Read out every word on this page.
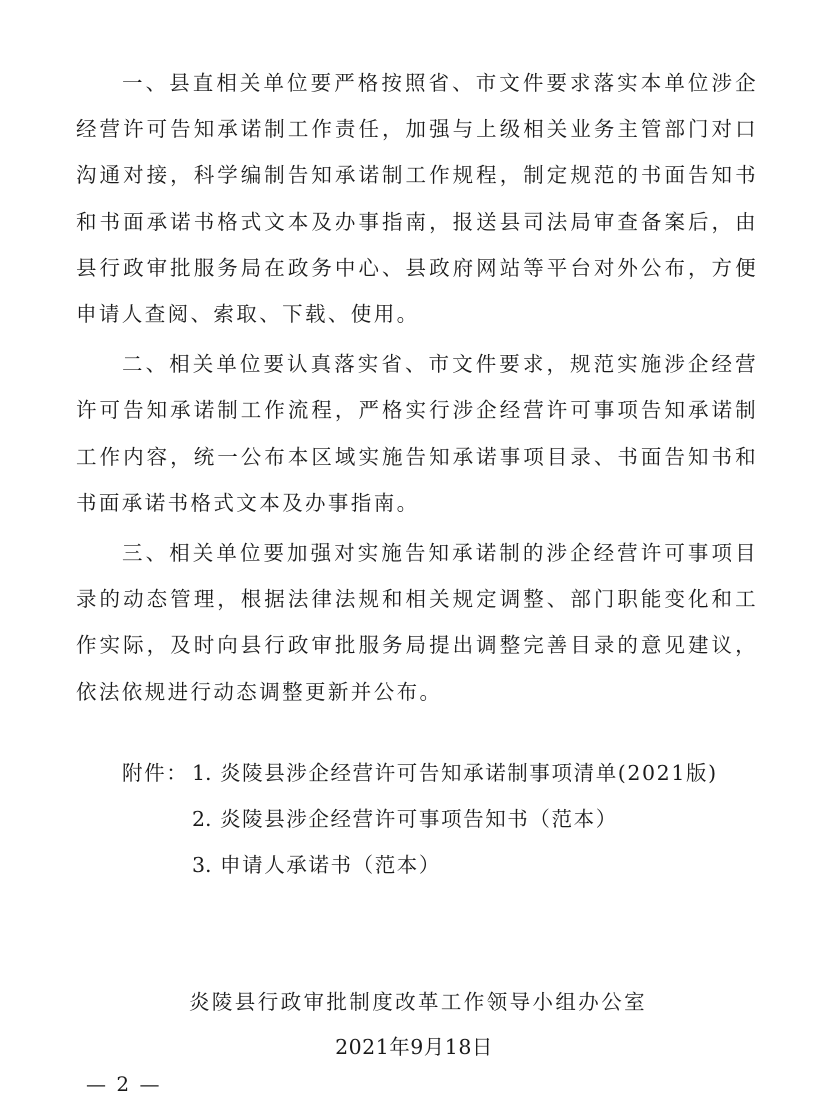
一、县直相关单位要严格按照省、市文件要求落实本单位涉企经营许可告知承诺制工作责任，加强与上级相关业务主管部门对口沟通对接，科学编制告知承诺制工作规程，制定规范的书面告知书和书面承诺书格式文本及办事指南，报送县司法局审查备案后，由县行政审批服务局在政务中心、县政府网站等平台对外公布，方便申请人查阅、索取、下载、使用。

二、相关单位要认真落实省、市文件要求，规范实施涉企经营许可告知承诺制工作流程，严格实行涉企经营许可事项告知承诺制工作内容，统一公布本区域实施告知承诺事项目录、书面告知书和书面承诺书格式文本及办事指南。

三、相关单位要加强对实施告知承诺制的涉企经营许可事项目录的动态管理，根据法律法规和相关规定调整、部门职能变化和工作实际，及时向县行政审批服务局提出调整完善目录的意见建议，依法依规进行动态调整更新并公布。

附件： 1. 炎陵县涉企经营许可告知承诺制事项清单(2021版)
2. 炎陵县涉企经营许可事项告知书（范本）
3. 申请人承诺书（范本）
炎陵县行政审批制度改革工作领导小组办公室
2021年9月18日
— 2 —
